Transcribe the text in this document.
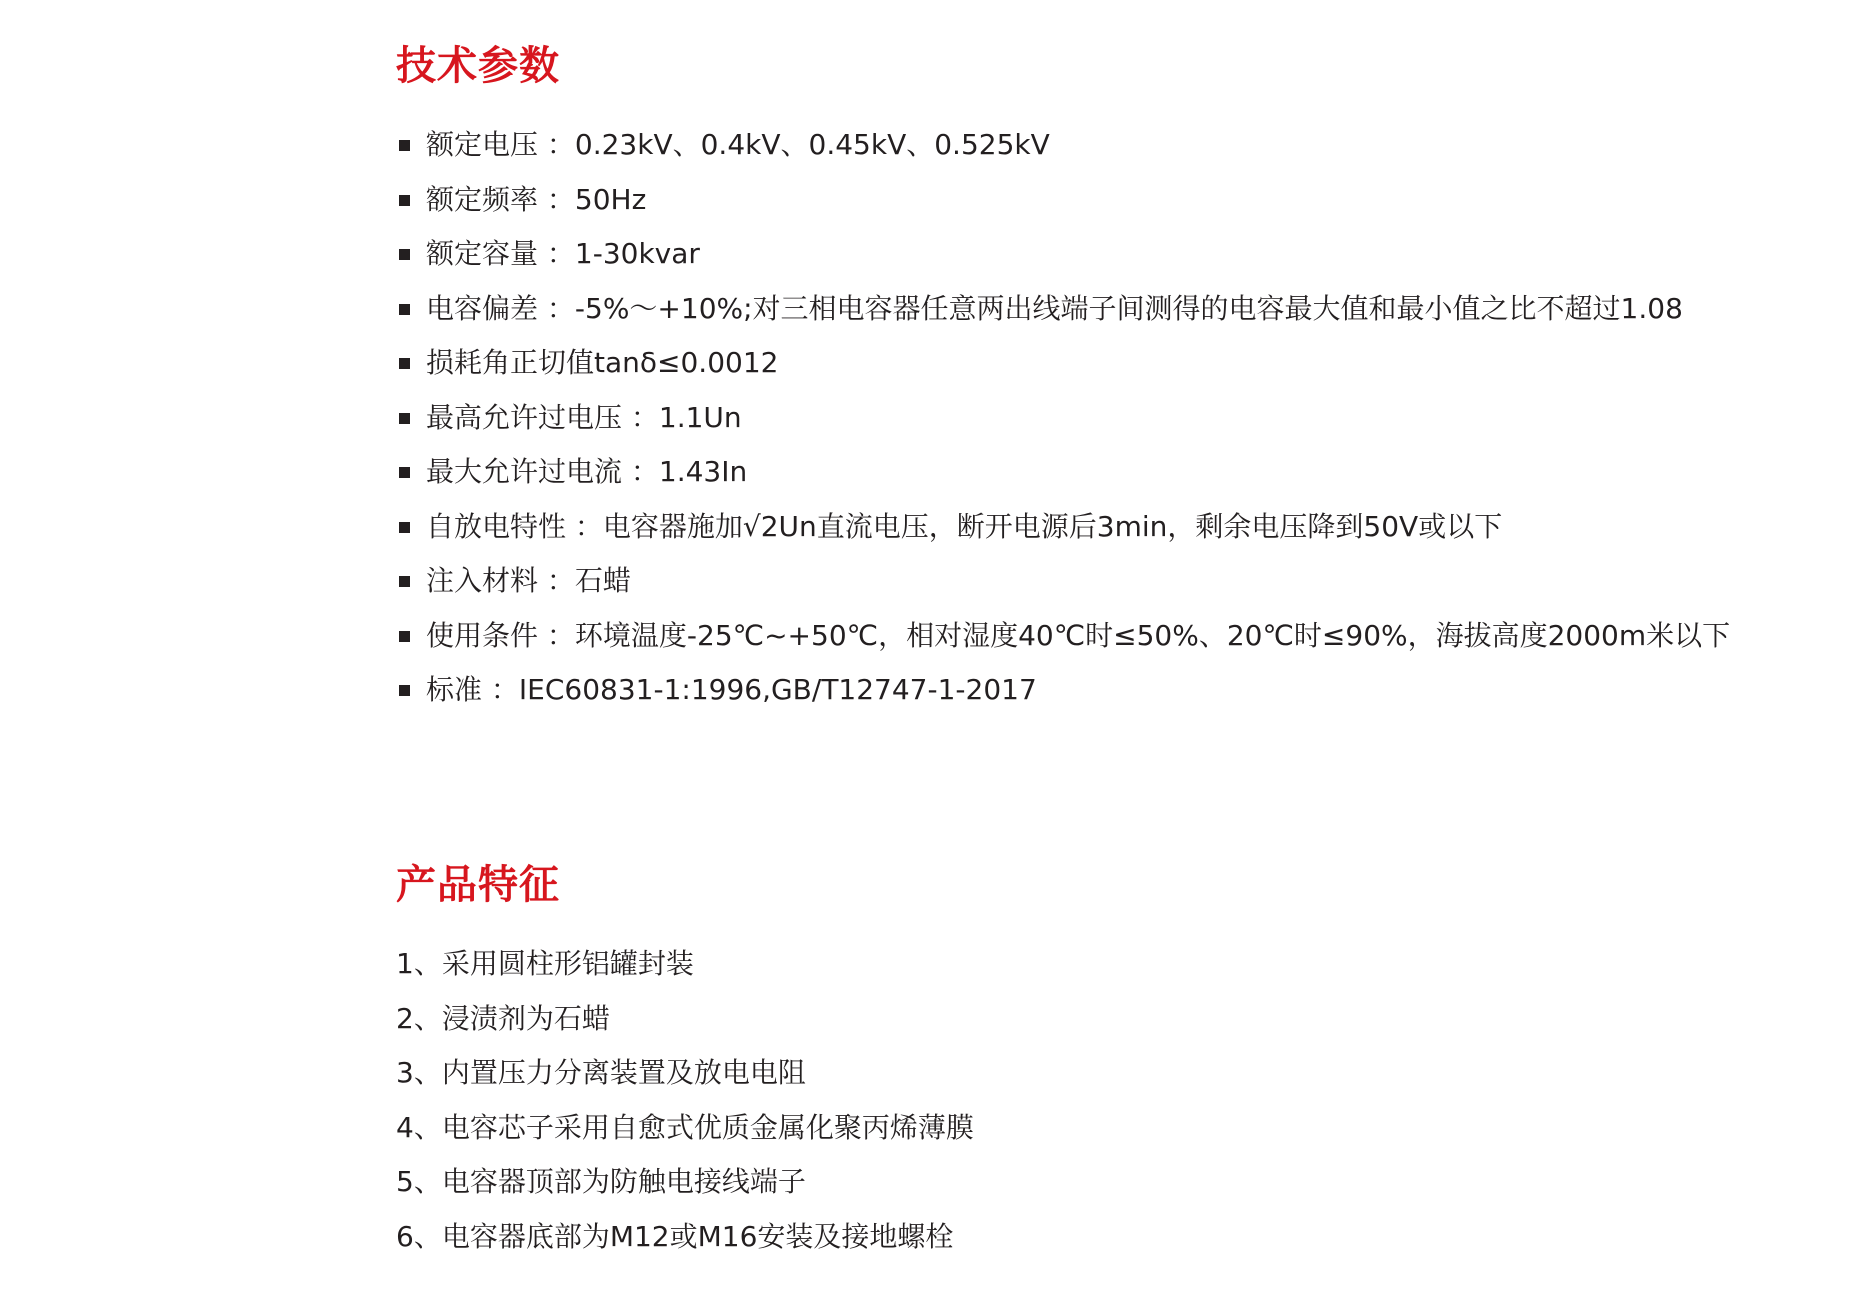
技术参数
额定电压 ：0.23kV、0.4kV、0.45kV、0.525kV
额定频率 ：50Hz
额定容量 ：1-30kvar
电容偏差 ：-5%～+10%;对三相电容器任意两出线端子间测得的电容最大值和最小值之比不超过1.08
损耗角正切值tanδ≤0.0012
最高允许过电压 ：1.1Un
最大允许过电流 ：1.43In
自放电特性 ：电容器施加√2Un直流电压，断开电源后3min，剩余电压降到50V或以下
注入材料 ：石蜡
使用条件 ：环境温度-25℃~+50℃，相对湿度40℃时≤50%、20℃时≤90%，海拔高度2000m米以下
标准 ：IEC60831-1:1996,GB/T12747-1-2017
产品特征
1、采用圆柱形铝罐封装
2、浸渍剂为石蜡
3、内置压力分离装置及放电电阻
4、电容芯子采用自愈式优质金属化聚丙烯薄膜
5、电容器顶部为防触电接线端子
6、电容器底部为M12或M16安装及接地螺栓
